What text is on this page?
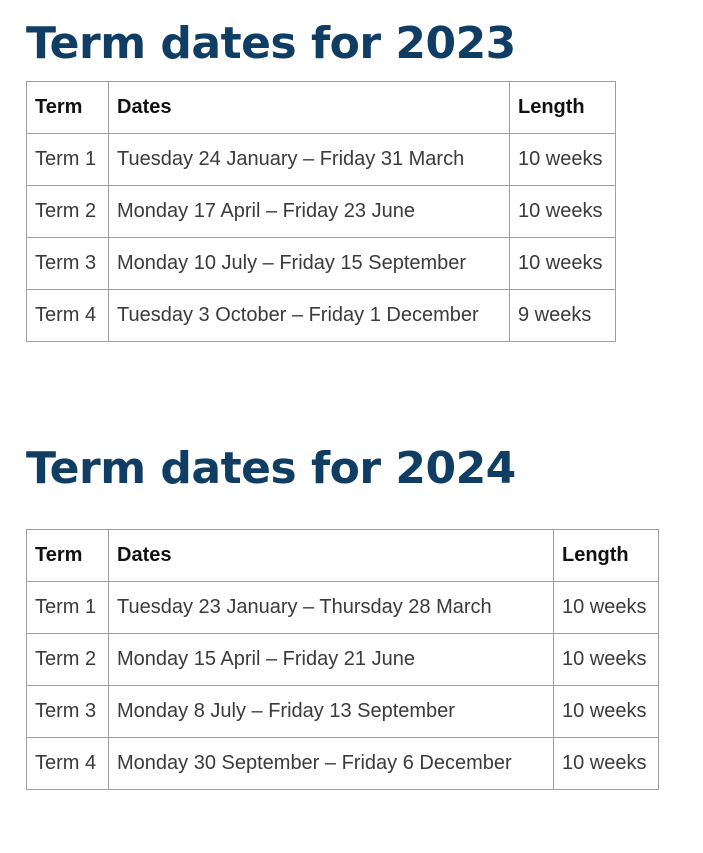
Term dates for 2023
Term	Dates	Length
Term 1	Tuesday 24 January – Friday 31 March	10 weeks
Term 2	Monday 17 April – Friday 23 June	10 weeks
Term 3	Monday 10 July – Friday 15 September	10 weeks
Term 4	Tuesday 3 October – Friday 1 December	9 weeks
Term dates for 2024
Term	Dates	Length
Term 1	Tuesday 23 January – Thursday 28 March	10 weeks
Term 2	Monday 15 April – Friday 21 June	10 weeks
Term 3	Monday 8 July – Friday 13 September	10 weeks
Term 4	Monday 30 September – Friday 6 December	10 weeks
